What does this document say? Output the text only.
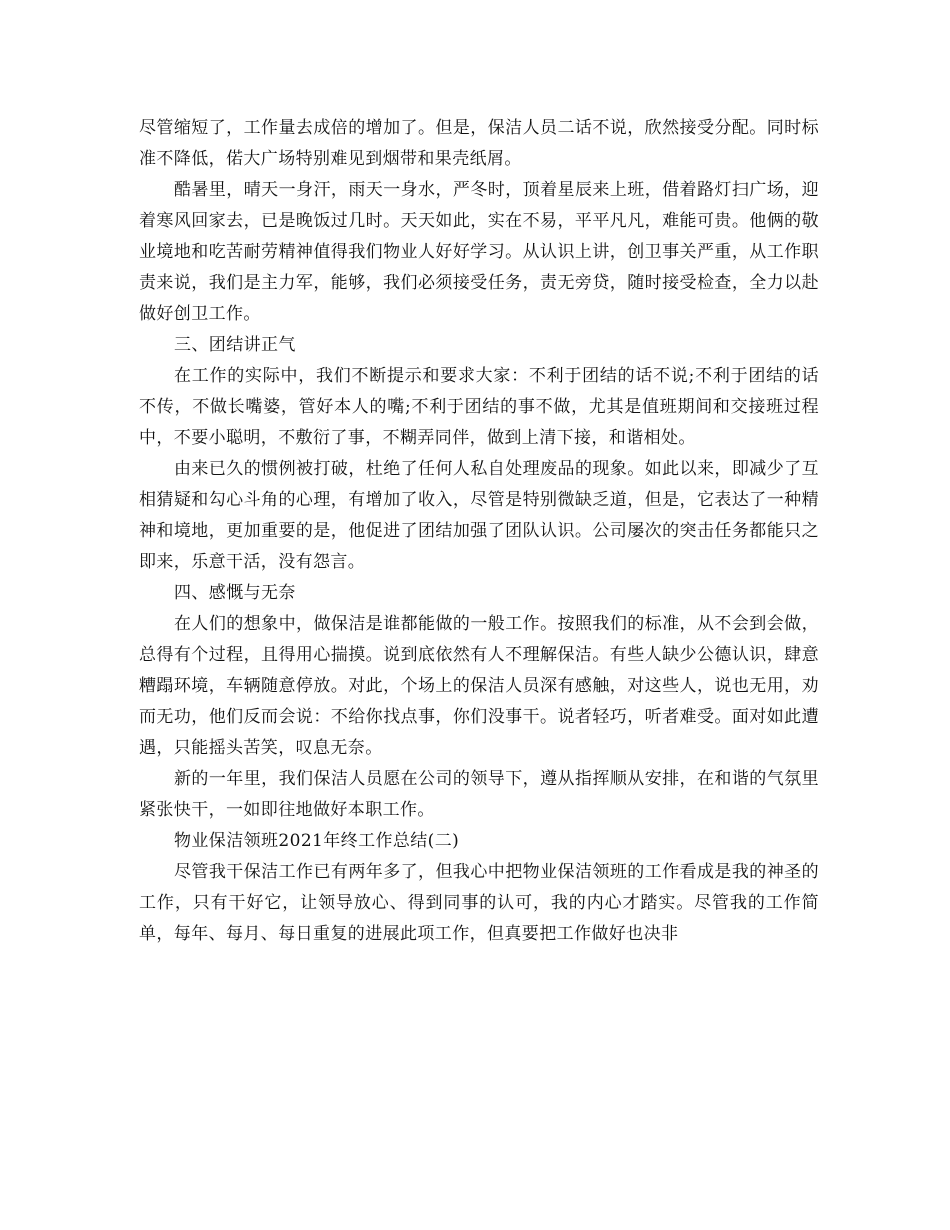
尽管缩短了，工作量去成倍的增加了。但是，保洁人员二话不说，欣然接受分配。同时标准不降低，偌大广场特别难见到烟带和果壳纸屑。

酷暑里，晴天一身汗，雨天一身水，严冬时，顶着星辰来上班，借着路灯扫广场，迎着寒风回家去，已是晚饭过几时。天天如此，实在不易，平平凡凡，难能可贵。他俩的敬业境地和吃苦耐劳精神值得我们物业人好好学习。从认识上讲，创卫事关严重，从工作职责来说，我们是主力军，能够，我们必须接受任务，责无旁贷，随时接受检查，全力以赴做好创卫工作。

三、团结讲正气

在工作的实际中，我们不断提示和要求大家：不利于团结的话不说;不利于团结的话不传，不做长嘴婆，管好本人的嘴;不利于团结的事不做，尤其是值班期间和交接班过程中，不要小聪明，不敷衍了事，不糊弄同伴，做到上清下接，和谐相处。

由来已久的惯例被打破，杜绝了任何人私自处理废品的现象。如此以来，即减少了互相猜疑和勾心斗角的心理，有增加了收入，尽管是特别微缺乏道，但是，它表达了一种精神和境地，更加重要的是，他促进了团结加强了团队认识。公司屡次的突击任务都能只之即来，乐意干活，没有怨言。

四、感慨与无奈

在人们的想象中，做保洁是谁都能做的一般工作。按照我们的标准，从不会到会做，总得有个过程，且得用心揣摸。说到底依然有人不理解保洁。有些人缺少公德认识，肆意糟蹋环境，车辆随意停放。对此，个场上的保洁人员深有感触，对这些人，说也无用，劝而无功，他们反而会说：不给你找点事，你们没事干。说者轻巧，听者难受。面对如此遭遇，只能摇头苦笑，叹息无奈。

新的一年里，我们保洁人员愿在公司的领导下，遵从指挥顺从安排，在和谐的气氛里紧张快干，一如即往地做好本职工作。

物业保洁领班2021年终工作总结(二)

尽管我干保洁工作已有两年多了，但我心中把物业保洁领班的工作看成是我的神圣的工作，只有干好它，让领导放心、得到同事的认可，我的内心才踏实。尽管我的工作简单，每年、每月、每日重复的进展此项工作，但真要把工作做好也决非
